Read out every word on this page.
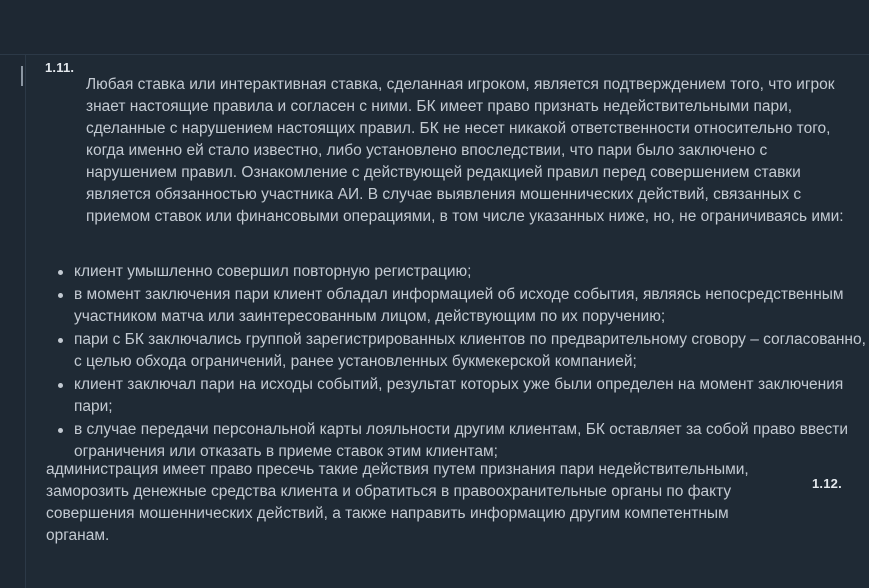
1.11.
Любая ставка или интерактивная ставка, сделанная игроком, является подтверждением того, что игрок знает настоящие правила и согласен с ними. БК имеет право признать недействительными пари, сделанные с нарушением настоящих правил. БК не несет никакой ответственности относительно того, когда именно ей стало известно, либо установлено впоследствии, что пари было заключено с нарушением правил. Ознакомление с действующей редакцией правил перед совершением ставки является обязанностью участника АИ. В случае выявления мошеннических действий, связанных с приемом ставок или финансовыми операциями, в том числе указанных ниже, но, не ограничиваясь ими:
клиент умышленно совершил повторную регистрацию;
в момент заключения пари клиент обладал информацией об исходе события, являясь непосредственным участником матча или заинтересованным лицом, действующим по их поручению;
пари с БК заключались группой зарегистрированных клиентов по предварительному сговору – согласованно, с целью обхода ограничений, ранее установленных букмекерской компанией;
клиент заключал пари на исходы событий, результат которых уже были определен на момент заключения пари;
в случае передачи персональной карты лояльности другим клиентам, БК оставляет за собой право ввести ограничения или отказать в приеме ставок этим клиентам;
администрация имеет право пресечь такие действия путем признания пари недействительными, заморозить денежные средства клиента и обратиться в правоохранительные органы по факту совершения мошеннических действий, а также направить информацию другим компетентным органам.
1.12.
